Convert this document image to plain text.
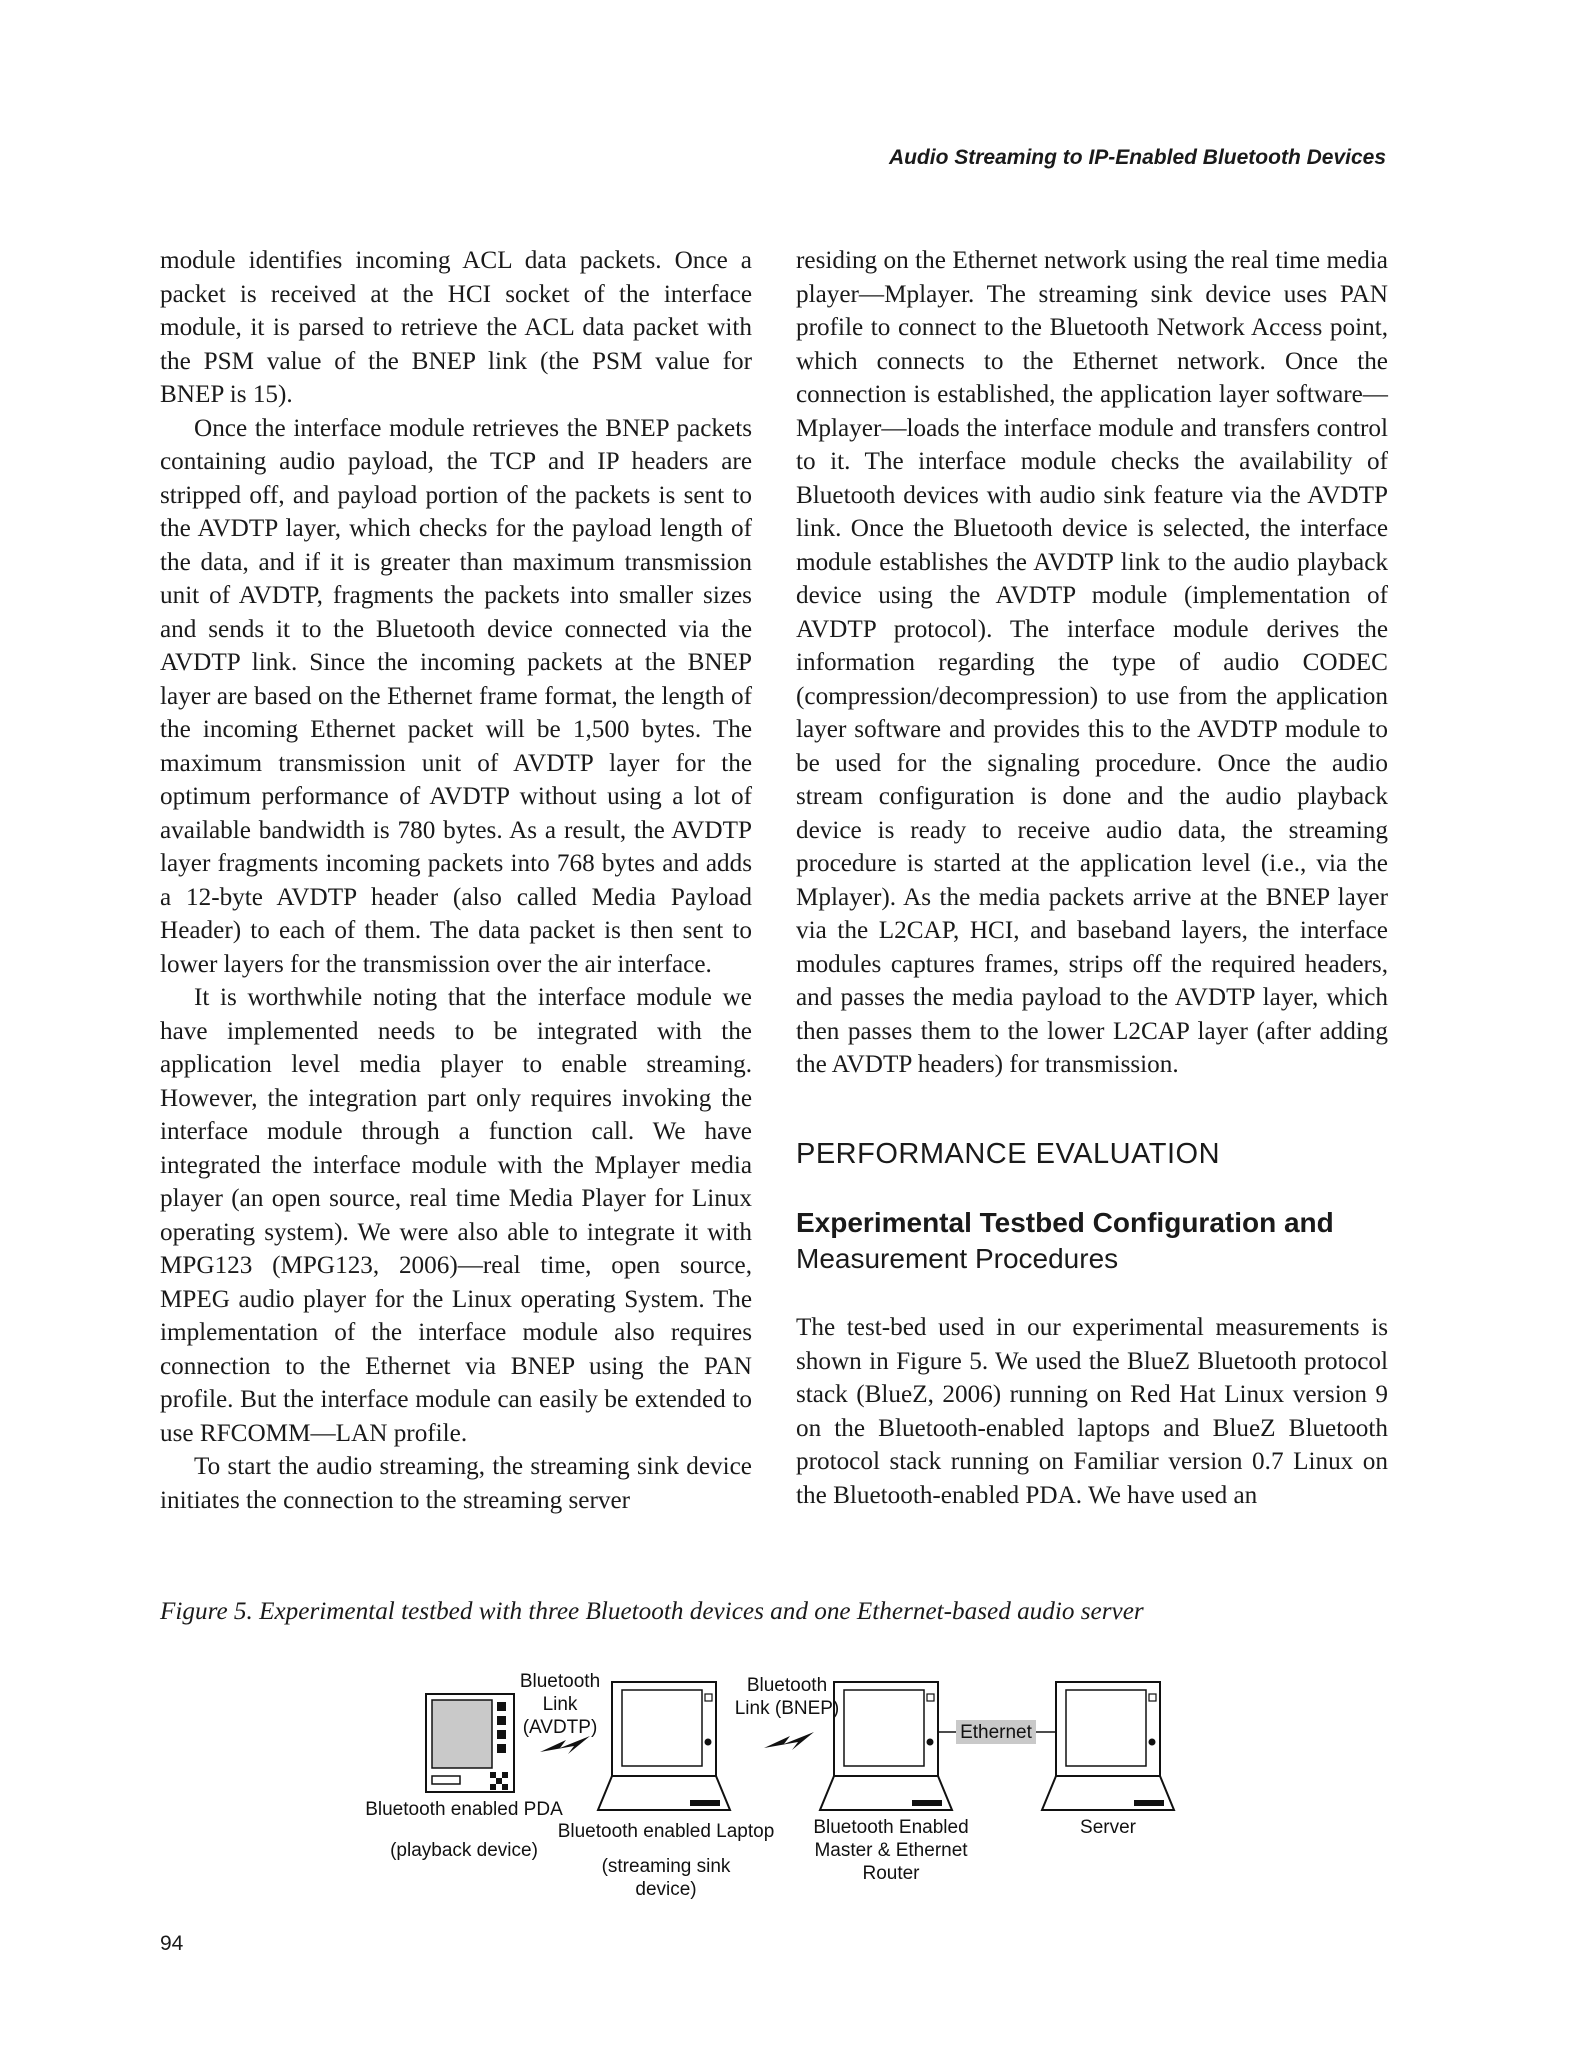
Audio Streaming to IP-Enabled Bluetooth Devices

module identifies incoming ACL data packets. Once a packet is received at the HCI socket of the interface module, it is parsed to retrieve the ACL data packet with the PSM value of the BNEP link (the PSM value for BNEP is 15).

Once the interface module retrieves the BNEP packets containing audio payload, the TCP and IP headers are stripped off, and payload portion of the packets is sent to the AVDTP layer, which checks for the payload length of the data, and if it is greater than maximum transmission unit of AVDTP, fragments the packets into smaller sizes and sends it to the Bluetooth device connected via the AVDTP link. Since the incoming packets at the BNEP layer are based on the Ethernet frame format, the length of the incoming Ethernet packet will be 1,500 bytes. The maximum transmission unit of AVDTP layer for the optimum performance of AVDTP without using a lot of available bandwidth is 780 bytes. As a result, the AVDTP layer fragments incoming packets into 768 bytes and adds a 12-byte AVDTP header (also called Media Payload Header) to each of them. The data packet is then sent to lower layers for the transmission over the air interface.

It is worthwhile noting that the interface module we have implemented needs to be integrated with the application level media player to enable streaming. However, the integration part only requires invoking the interface module through a function call. We have integrated the interface module with the Mplayer media player (an open source, real time Media Player for Linux operating system). We were also able to integrate it with MPG123 (MPG123, 2006)—real time, open source, MPEG audio player for the Linux operating System. The implementation of the interface module also requires connection to the Ethernet via BNEP using the PAN profile. But the interface module can easily be extended to use RFCOMM—LAN profile.

To start the audio streaming, the streaming sink device initiates the connection to the streaming server

residing on the Ethernet network using the real time media player—Mplayer. The streaming sink device uses PAN profile to connect to the Bluetooth Network Access point, which connects to the Ethernet network. Once the connection is established, the application layer software—Mplayer—loads the interface module and transfers control to it. The interface module checks the availability of Bluetooth devices with audio sink feature via the AVDTP link. Once the Bluetooth device is selected, the interface module establishes the AVDTP link to the audio playback device using the AVDTP module (implementation of AVDTP protocol). The interface module derives the information regarding the type of audio CODEC (compression/decompression) to use from the application layer software and provides this to the AVDTP module to be used for the signaling procedure. Once the audio stream configuration is done and the audio playback device is ready to receive audio data, the streaming procedure is started at the application level (i.e., via the Mplayer). As the media packets arrive at the BNEP layer via the L2CAP, HCI, and baseband layers, the interface modules captures frames, strips off the required headers, and passes the media payload to the AVDTP layer, which then passes them to the lower L2CAP layer (after adding the AVDTP headers) for transmission.

PERFORMANCE EVALUATION

Experimental Testbed Configuration and
Measurement Procedures

The test-bed used in our experimental measurements is shown in Figure 5. We used the BlueZ Bluetooth protocol stack (BlueZ, 2006) running on Red Hat Linux version 9 on the Bluetooth-enabled laptops and BlueZ Bluetooth protocol stack running on Familiar version 0.7 Linux on the Bluetooth-enabled PDA. We have used an

Figure 5. Experimental testbed with three Bluetooth devices and one Ethernet-based audio server
Bluetooth
Link
(AVDTP)
Bluetooth
Link (BNEP)
Ethernet
Bluetooth enabled PDA
(playback device)
Bluetooth enabled Laptop
(streaming sink
device)
Bluetooth Enabled
Master & Ethernet
Router
Server
94
